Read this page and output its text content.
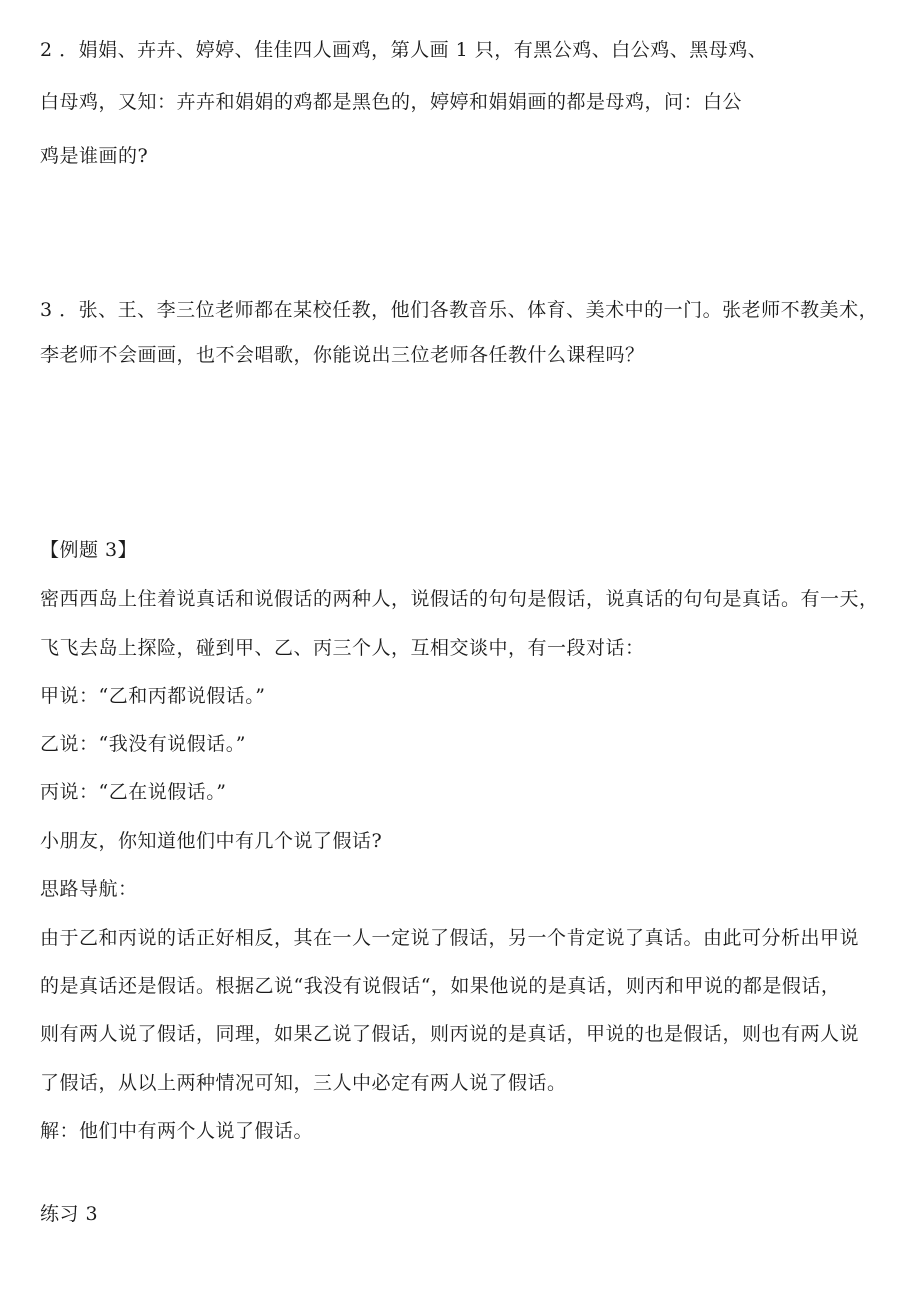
2 ．娟娟、卉卉、婷婷、佳佳四人画鸡，第人画 1 只，有黑公鸡、白公鸡、黑母鸡、
白母鸡，又知：卉卉和娟娟的鸡都是黑色的，婷婷和娟娟画的都是母鸡，问：白公
鸡是谁画的?
3 ．张、王、李三位老师都在某校任教，他们各教音乐、体育、美术中的一门。张老师不教美术，
李老师不会画画，也不会唱歌，你能说出三位老师各任教什么课程吗？
【例题 3】
密西西岛上住着说真话和说假话的两种人，说假话的句句是假话，说真话的句句是真话。有一天，
飞飞去岛上探险，碰到甲、乙、丙三个人，互相交谈中，有一段对话：
甲说：“乙和丙都说假话。”
乙说：“我没有说假话。”
丙说：“乙在说假话。”
小朋友，你知道他们中有几个说了假话?
思路导航：
由于乙和丙说的话正好相反，其在一人一定说了假话，另一个肯定说了真话。由此可分析出甲说
的是真话还是假话。根据乙说“我没有说假话“，如果他说的是真话，则丙和甲说的都是假话，
则有两人说了假话，同理，如果乙说了假话，则丙说的是真话，甲说的也是假话，则也有两人说
了假话，从以上两种情况可知，三人中必定有两人说了假话。
解：他们中有两个人说了假话。
练习 3
